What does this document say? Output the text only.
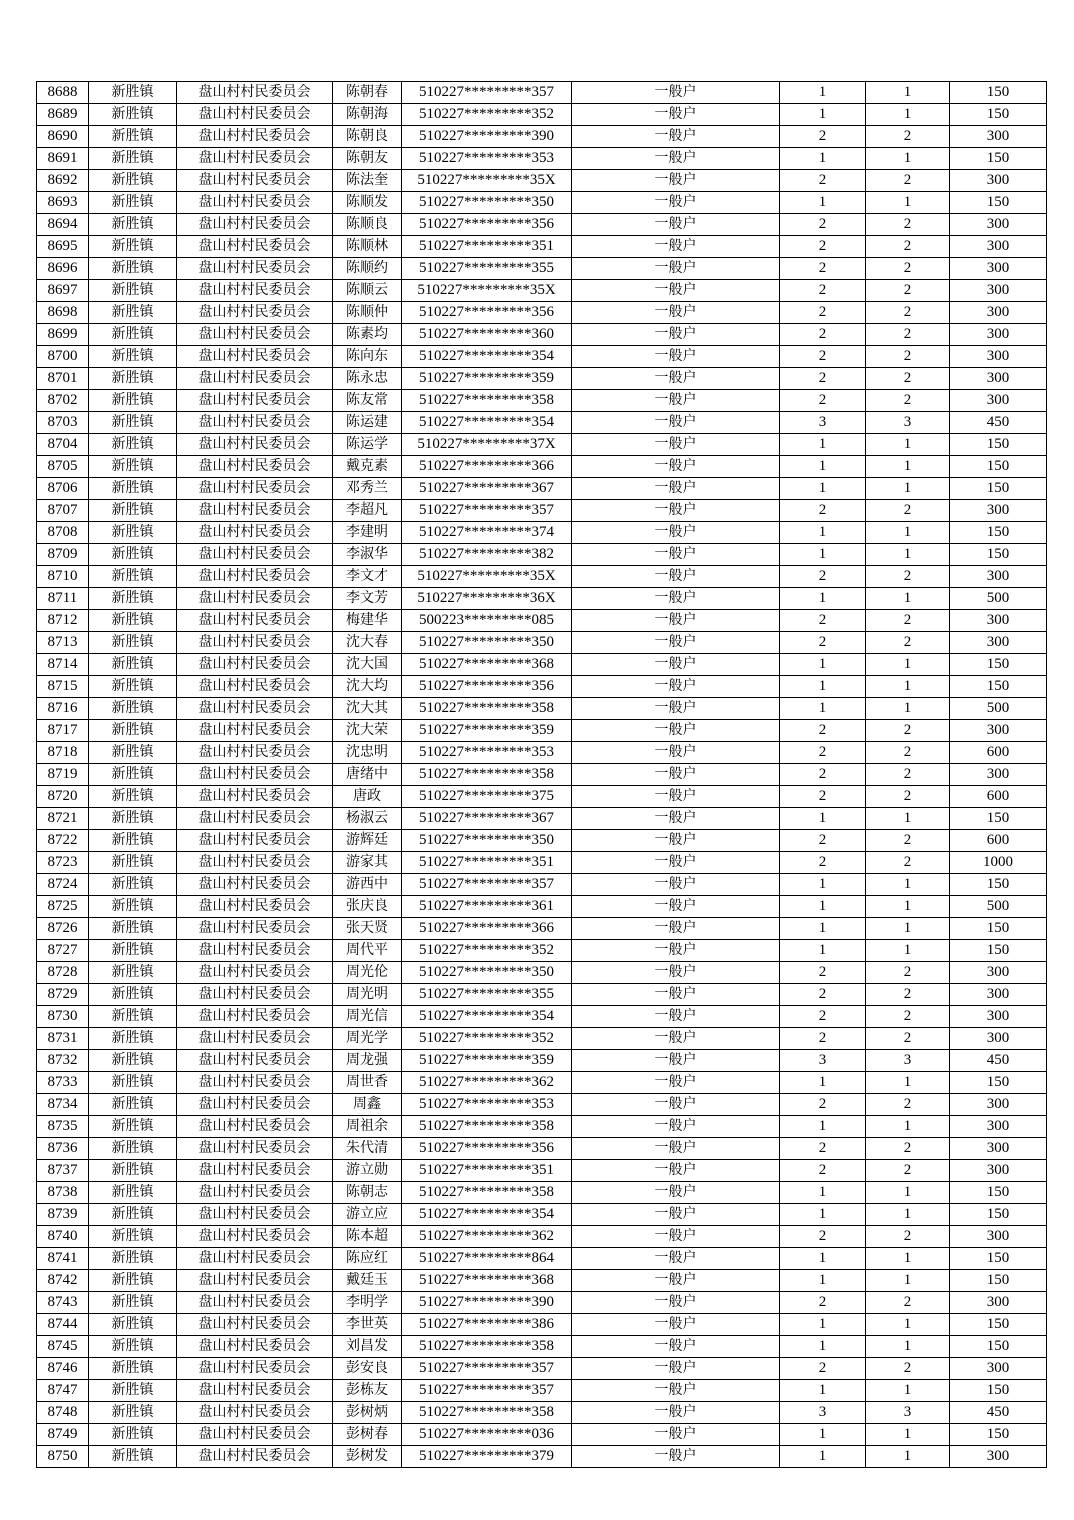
8688	新胜镇	盘山村村民委员会	陈朝春	510227*********357	一般户	1	1	150
8689	新胜镇	盘山村村民委员会	陈朝海	510227*********352	一般户	1	1	150
8690	新胜镇	盘山村村民委员会	陈朝良	510227*********390	一般户	2	2	300
8691	新胜镇	盘山村村民委员会	陈朝友	510227*********353	一般户	1	1	150
8692	新胜镇	盘山村村民委员会	陈法奎	510227*********35X	一般户	2	2	300
8693	新胜镇	盘山村村民委员会	陈顺发	510227*********350	一般户	1	1	150
8694	新胜镇	盘山村村民委员会	陈顺良	510227*********356	一般户	2	2	300
8695	新胜镇	盘山村村民委员会	陈顺林	510227*********351	一般户	2	2	300
8696	新胜镇	盘山村村民委员会	陈顺约	510227*********355	一般户	2	2	300
8697	新胜镇	盘山村村民委员会	陈顺云	510227*********35X	一般户	2	2	300
8698	新胜镇	盘山村村民委员会	陈顺仲	510227*********356	一般户	2	2	300
8699	新胜镇	盘山村村民委员会	陈素均	510227*********360	一般户	2	2	300
8700	新胜镇	盘山村村民委员会	陈向东	510227*********354	一般户	2	2	300
8701	新胜镇	盘山村村民委员会	陈永忠	510227*********359	一般户	2	2	300
8702	新胜镇	盘山村村民委员会	陈友常	510227*********358	一般户	2	2	300
8703	新胜镇	盘山村村民委员会	陈运建	510227*********354	一般户	3	3	450
8704	新胜镇	盘山村村民委员会	陈运学	510227*********37X	一般户	1	1	150
8705	新胜镇	盘山村村民委员会	戴克素	510227*********366	一般户	1	1	150
8706	新胜镇	盘山村村民委员会	邓秀兰	510227*********367	一般户	1	1	150
8707	新胜镇	盘山村村民委员会	李超凡	510227*********357	一般户	2	2	300
8708	新胜镇	盘山村村民委员会	李建明	510227*********374	一般户	1	1	150
8709	新胜镇	盘山村村民委员会	李淑华	510227*********382	一般户	1	1	150
8710	新胜镇	盘山村村民委员会	李文才	510227*********35X	一般户	2	2	300
8711	新胜镇	盘山村村民委员会	李文芳	510227*********36X	一般户	1	1	500
8712	新胜镇	盘山村村民委员会	梅建华	500223*********085	一般户	2	2	300
8713	新胜镇	盘山村村民委员会	沈大春	510227*********350	一般户	2	2	300
8714	新胜镇	盘山村村民委员会	沈大国	510227*********368	一般户	1	1	150
8715	新胜镇	盘山村村民委员会	沈大均	510227*********356	一般户	1	1	150
8716	新胜镇	盘山村村民委员会	沈大其	510227*********358	一般户	1	1	500
8717	新胜镇	盘山村村民委员会	沈大荣	510227*********359	一般户	2	2	300
8718	新胜镇	盘山村村民委员会	沈忠明	510227*********353	一般户	2	2	600
8719	新胜镇	盘山村村民委员会	唐绪中	510227*********358	一般户	2	2	300
8720	新胜镇	盘山村村民委员会	唐政	510227*********375	一般户	2	2	600
8721	新胜镇	盘山村村民委员会	杨淑云	510227*********367	一般户	1	1	150
8722	新胜镇	盘山村村民委员会	游辉廷	510227*********350	一般户	2	2	600
8723	新胜镇	盘山村村民委员会	游家其	510227*********351	一般户	2	2	1000
8724	新胜镇	盘山村村民委员会	游西中	510227*********357	一般户	1	1	150
8725	新胜镇	盘山村村民委员会	张庆良	510227*********361	一般户	1	1	500
8726	新胜镇	盘山村村民委员会	张天贤	510227*********366	一般户	1	1	150
8727	新胜镇	盘山村村民委员会	周代平	510227*********352	一般户	1	1	150
8728	新胜镇	盘山村村民委员会	周光伦	510227*********350	一般户	2	2	300
8729	新胜镇	盘山村村民委员会	周光明	510227*********355	一般户	2	2	300
8730	新胜镇	盘山村村民委员会	周光信	510227*********354	一般户	2	2	300
8731	新胜镇	盘山村村民委员会	周光学	510227*********352	一般户	2	2	300
8732	新胜镇	盘山村村民委员会	周龙强	510227*********359	一般户	3	3	450
8733	新胜镇	盘山村村民委员会	周世香	510227*********362	一般户	1	1	150
8734	新胜镇	盘山村村民委员会	周鑫	510227*********353	一般户	2	2	300
8735	新胜镇	盘山村村民委员会	周祖余	510227*********358	一般户	1	1	300
8736	新胜镇	盘山村村民委员会	朱代清	510227*********356	一般户	2	2	300
8737	新胜镇	盘山村村民委员会	游立勋	510227*********351	一般户	2	2	300
8738	新胜镇	盘山村村民委员会	陈朝志	510227*********358	一般户	1	1	150
8739	新胜镇	盘山村村民委员会	游立应	510227*********354	一般户	1	1	150
8740	新胜镇	盘山村村民委员会	陈本超	510227*********362	一般户	2	2	300
8741	新胜镇	盘山村村民委员会	陈应红	510227*********864	一般户	1	1	150
8742	新胜镇	盘山村村民委员会	戴廷玉	510227*********368	一般户	1	1	150
8743	新胜镇	盘山村村民委员会	李明学	510227*********390	一般户	2	2	300
8744	新胜镇	盘山村村民委员会	李世英	510227*********386	一般户	1	1	150
8745	新胜镇	盘山村村民委员会	刘昌发	510227*********358	一般户	1	1	150
8746	新胜镇	盘山村村民委员会	彭安良	510227*********357	一般户	2	2	300
8747	新胜镇	盘山村村民委员会	彭栋友	510227*********357	一般户	1	1	150
8748	新胜镇	盘山村村民委员会	彭树炳	510227*********358	一般户	3	3	450
8749	新胜镇	盘山村村民委员会	彭树春	510227*********036	一般户	1	1	150
8750	新胜镇	盘山村村民委员会	彭树发	510227*********379	一般户	1	1	300
